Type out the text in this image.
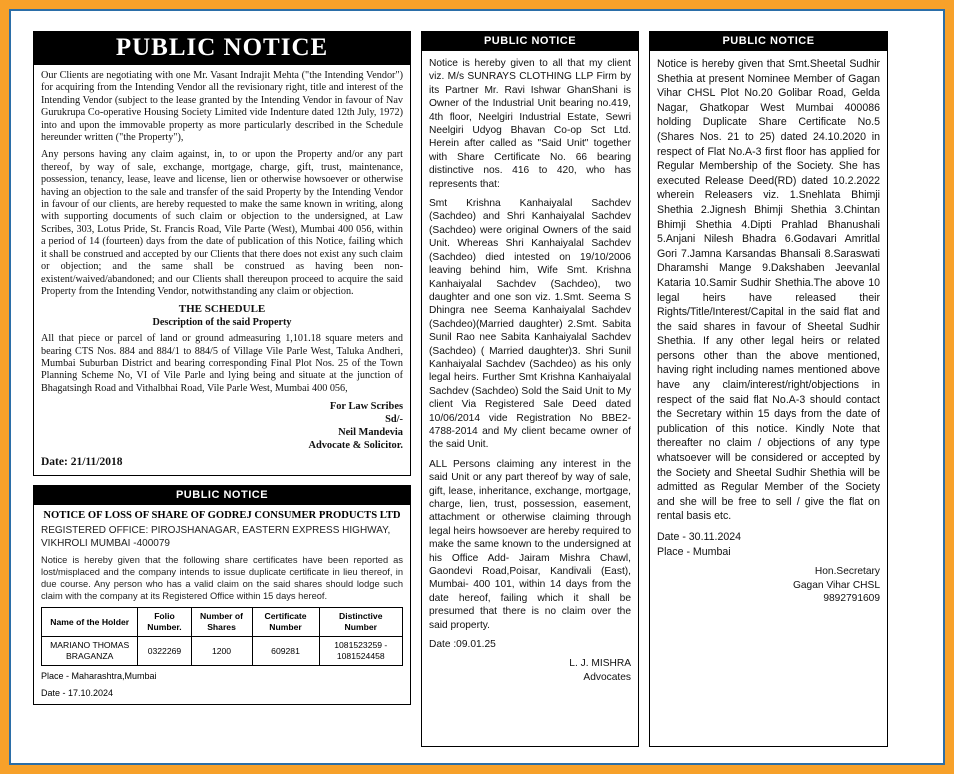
PUBLIC NOTICE

Our Clients are negotiating with one Mr. Vasant Indrajit Mehta ("the Intending Vendor") for acquiring from the Intending Vendor all the revisionary right, title and interest of the Intending Vendor (subject to the lease granted by the Intending Vendor in favour of Nav Gurukrupa Co-operative Housing Society Limited vide Indenture dated 12th July, 1972) into and upon the immovable property as more particularly described in the Schedule hereunder written ("the Property"),

Any persons having any claim against, in, to or upon the Property and/or any part thereof, by way of sale, exchange, mortgage, charge, gift, trust, maintenance, possession, tenancy, lease, leave and license, lien or otherwise howsoever or otherwise having an objection to the sale and transfer of the said Property by the Intending Vendor in favour of our clients, are hereby requested to make the same known in writing, along with supporting documents of such claim or objection to the undersigned, at Law Scribes, 303, Lotus Pride, St. Francis Road, Vile Parte (West), Mumbai 400 056, within a period of 14 (fourteen) days from the date of publication of this Notice, failing which it shall be construed and accepted by our Clients that there does not exist any such claim or objection; and the same shall be construed as having been non-existent/waived/abandoned; and our Clients shall thereupon proceed to acquire the said Property from the Intending Vendor, notwithstanding any claim or objection.

THE SCHEDULE
Description of the said Property

All that piece or parcel of land or ground admeasuring 1,101.18 square meters and bearing CTS Nos. 884 and 884/1 to 884/5 of Village Vile Parle West, Taluka Andheri, Mumbai Suburban District and bearing corresponding Final Plot Nos. 25 of the Town Planning Scheme No, VI of Vile Parle and lying being and situate at the junction of Bhagatsingh Road and Vithalbhai Road, Vile Parle West, Mumbai 400 056,

For Law Scribes
Sd/-
Neil Mandevia
Advocate & Solicitor.
Date: 21/11/2018
PUBLIC NOTICE
NOTICE OF LOSS OF SHARE OF GODREJ CONSUMER PRODUCTS LTD
REGISTERED OFFICE: PIROJSHANAGAR, EASTERN EXPRESS HIGHWAY,
VIKHROLI MUMBAI -400079
Notice is hereby given that the following share certificates have been reported as lost/misplaced and the company intends to issue duplicate certificate in lieu thereof, in due course. Any person who has a valid claim on the said shares should lodge such claim with the company at its Registered Office within 15 days hereof.
Name of the Holder	Folio Number.	Number of Shares	Certificate Number	Distinctive Number
MARIANO THOMAS BRAGANZA	0322269	1200	609281	1081523259 - 1081524458
Place - Maharashtra,Mumbai
Date - 17.10.2024
PUBLIC NOTICE

Notice is hereby given to all that my client viz. M/s SUNRAYS CLOTHING LLP Firm by its Partner Mr. Ravi Ishwar GhanShani is Owner of the Industrial Unit bearing no.419, 4th floor, Neelgiri Industrial Estate, Sewri Neelgiri Udyog Bhavan Co-op Sct Ltd. Herein after called as "Said Unit" together with Share Certificate No. 66 bearing distinctive nos. 416 to 420, who has represents that:

Smt Krishna Kanhaiyalal Sachdev (Sachdeo) and Shri Kanhaiyalal Sachdev (Sachdeo) were original Owners of the said Unit. Whereas Shri Kanhaiyalal Sachdev (Sachdeo) died intested on 19/10/2006 leaving behind him, Wife Smt. Krishna Kanhaiyalal Sachdev (Sachdeo), two daughter and one son viz. 1.Smt. Seema S Dhingra nee Seema Kanhaiyalal Sachdev (Sachdeo)(Married daughter) 2.Smt. Sabita Sunil Rao nee Sabita Kanhaiyalal Sachdev (Sachdeo) ( Married daughter)3. Shri Sunil Kanhaiyalal Sachdev (Sachdeo) as his only legal heirs. Further Smt Krishna Kanhaiyalal Sachdev (Sachdeo) Sold the Said Unit to My client Via Registered Sale Deed dated 10/06/2014 vide Registration No BBE2-4788-2014 and My client became owner of the said Unit.

ALL Persons claiming any interest in the said Unit or any part thereof by way of sale, gift, lease, inheritance, exchange, mortgage, charge, lien, trust, possession, easement, attachment or otherwise claiming through legal heirs howsoever are hereby required to make the same known to the undersigned at his Office Add- Jairam Mishra Chawl, Gaondevi Road,Poisar, Kandivali (East), Mumbai- 400 101, within 14 days from the date hereof, failing which it shall be presumed that there is no claim over the said property.

Date :09.01.25
L. J. MISHRA
Advocates
PUBLIC NOTICE

Notice is hereby given that Smt.Sheetal Sudhir Shethia at present Nominee Member of Gagan Vihar CHSL Plot No.20 Golibar Road, Gelda Nagar, Ghatkopar West Mumbai 400086 holding Duplicate Share Certificate No.5 (Shares Nos. 21 to 25) dated 24.10.2020 in respect of Flat No.A-3 first floor has applied for Regular Membership of the Society. She has executed Release Deed(RD) dated 10.2.2022 wherein Releasers viz. 1.Snehlata Bhimji Shethia 2.Jignesh Bhimji Shethia 3.Chintan Bhimji Shethia 4.Dipti Prahlad Bhanushali 5.Anjani Nilesh Bhadra 6.Godavari Amritlal Gori 7.Jamna Karsandas Bhansali 8.Saraswati Dharamshi Mange 9.Dakshaben Jeevanlal Kataria 10.Samir Sudhir Shethia.The above 10 legal heirs have released their Rights/Title/Interest/Capital in the said flat and the said shares in favour of Sheetal Sudhir Shethia. If any other legal heirs or related persons other than the above mentioned, having right including names mentioned above have any claim/interest/right/objections in respect of the said flat No.A-3 should contact the Secretary within 15 days from the date of publication of this notice. Kindly Note that thereafter no claim / objections of any type whatsoever will be considered or accepted by the Society and Sheetal Sudhir Shethia will be admitted as Regular Member of the Society and she will be free to sell / give the flat on rental basis etc.

Date - 30.11.2024
Place - Mumbai
Hon.Secretary
Gagan Vihar CHSL
9892791609
